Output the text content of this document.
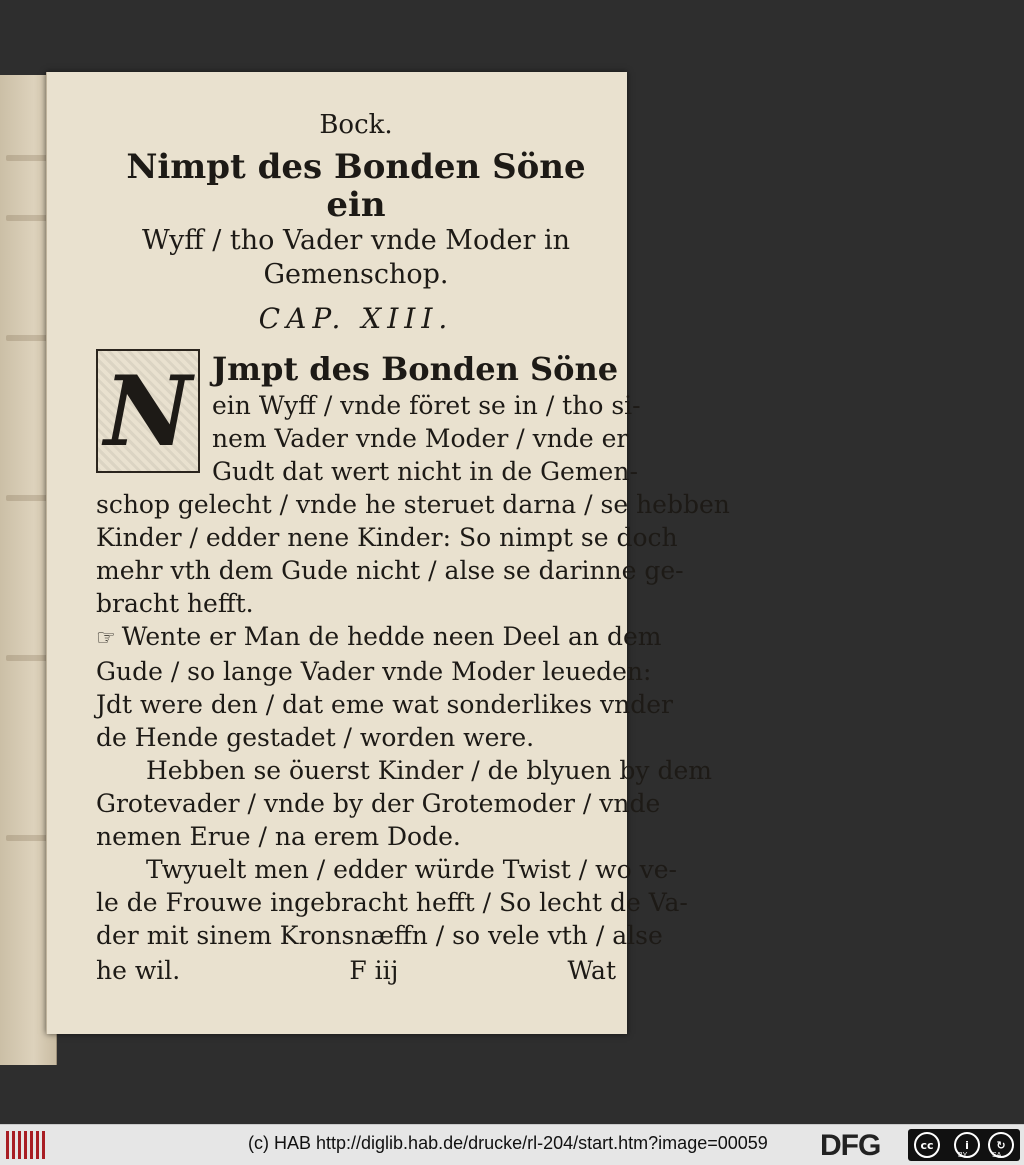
Bock.

Nimpt des Bonden Söne ein

Wyff / tho Vader vnde Moder in

Gemenschop.

CAP. XIII.

N Jmpt des Bonden Söne

ein Wyff / vnde föret se in / tho si-

nem Vader vnde Moder / vnde er

Gudt dat wert nicht in de Gemen-

schop gelecht / vnde he steruet darna / se hebben

Kinder / edder nene Kinder: So nimpt se doch

mehr vth dem Gude nicht / alse se darinne ge-

bracht hefft.

☞ Wente er Man de hedde neen Deel an dem

Gude / so lange Vader vnde Moder leueden:

Jdt were den / dat eme wat sonderlikes vnder

de Hende gestadet / worden were.

Hebben se öuerst Kinder / de blyuen by dem

Grotevader / vnde by der Grotemoder / vnde

nemen Erue / na erem Dode.

Twyuelt men / edder würde Twist / wo ve-

le de Frouwe ingebracht hefft / So lecht de Va-

der mit sinem Kronsnæffn / so vele vth / alse

he wil.	F iij	Wat
(c) HAB http://diglib.hab.de/drucke/rl-204/start.htm?image=00059 DFG	cc	i	↻
BY	SA
